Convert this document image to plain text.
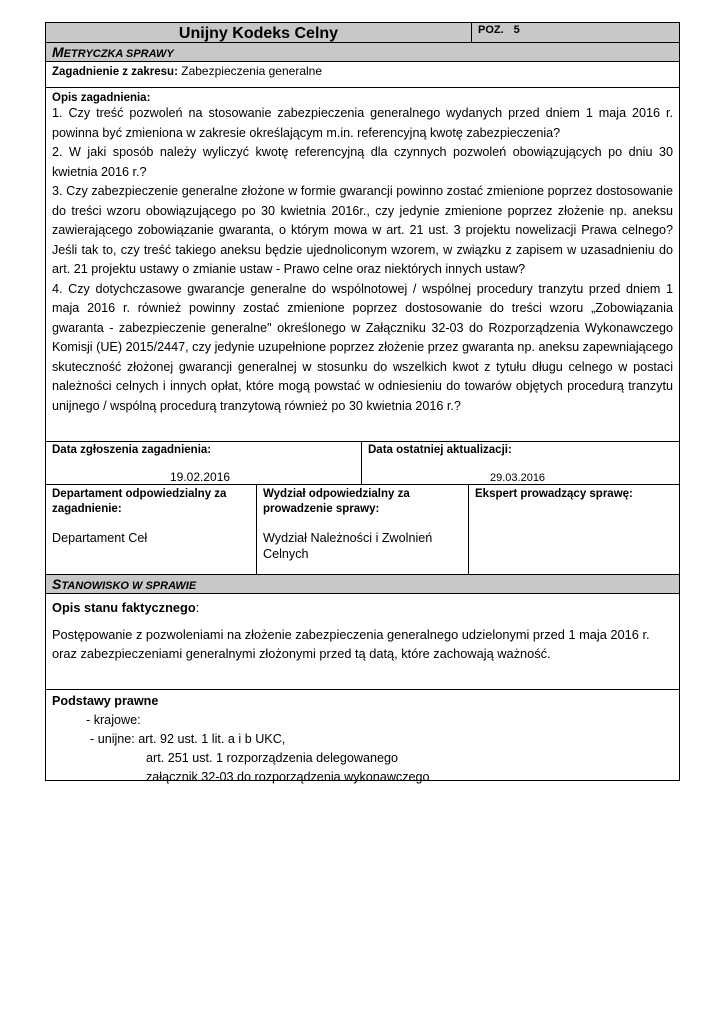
Unijny Kodeks Celny	POZ. 5
METRYCZKA SPRAWY
Zagadnienie z zakresu: Zabezpieczenia generalne
Opis zagadnienia:

1. Czy treść pozwoleń na stosowanie zabezpieczenia generalnego wydanych przed dniem 1 maja 2016 r. powinna być zmieniona w zakresie określającym m.in. referencyjną kwotę zabezpieczenia?

2. W jaki sposób należy wyliczyć kwotę referencyjną dla czynnych pozwoleń obowiązujących po dniu 30 kwietnia 2016 r.?

3. Czy zabezpieczenie generalne złożone w formie gwarancji powinno zostać zmienione poprzez dostosowanie do treści wzoru obowiązującego po 30 kwietnia 2016r., czy jedynie zmienione poprzez złożenie np. aneksu zawierającego zobowiązanie gwaranta, o którym mowa w art. 21 ust. 3 projektu nowelizacji Prawa celnego? Jeśli tak to, czy treść takiego aneksu będzie ujednoliconym wzorem, w związku z zapisem w uzasadnieniu do art. 21 projektu ustawy o zmianie ustaw - Prawo celne oraz niektórych innych ustaw?

4. Czy dotychczasowe gwarancje generalne do wspólnotowej / wspólnej procedury tranzytu przed dniem 1 maja 2016 r. również powinny zostać zmienione poprzez dostosowanie do treści wzoru „Zobowiązania gwaranta - zabezpieczenie generalne" określonego w Załączniku 32-03 do Rozporządzenia Wykonawczego Komisji (UE) 2015/2447, czy jedynie uzupełnione poprzez złożenie przez gwaranta np. aneksu zapewniającego skuteczność złożonej gwarancji generalnej w stosunku do wszelkich kwot z tytułu długu celnego w postaci należności celnych i innych opłat, które mogą powstać w odniesieniu do towarów objętych procedurą tranzytu unijnego / wspólną procedurą tranzytową również po 30 kwietnia 2016 r.?

Data zgłoszenia zagadnienia:
19.02.2016
Data ostatniej aktualizacji:
29.03.2016
Departament odpowiedzialny za zagadnienie:
Departament Ceł
Wydział odpowiedzialny za prowadzenie sprawy:
Wydział Należności i Zwolnień Celnych
Ekspert prowadzący sprawę:
STANOWISKO W SPRAWIE
Opis stanu faktycznego:

Postępowanie z pozwoleniami na złożenie zabezpieczenia generalnego udzielonymi przed 1 maja 2016 r. oraz zabezpieczeniami generalnymi złożonymi przed tą datą, które zachowają ważność.

Podstawy prawne
- krajowe:
- unijne: art. 92 ust. 1 lit. a i b UKC,
art. 251 ust. 1 rozporządzenia delegowanego
załącznik 32-03 do rozporządzenia wykonawczego
